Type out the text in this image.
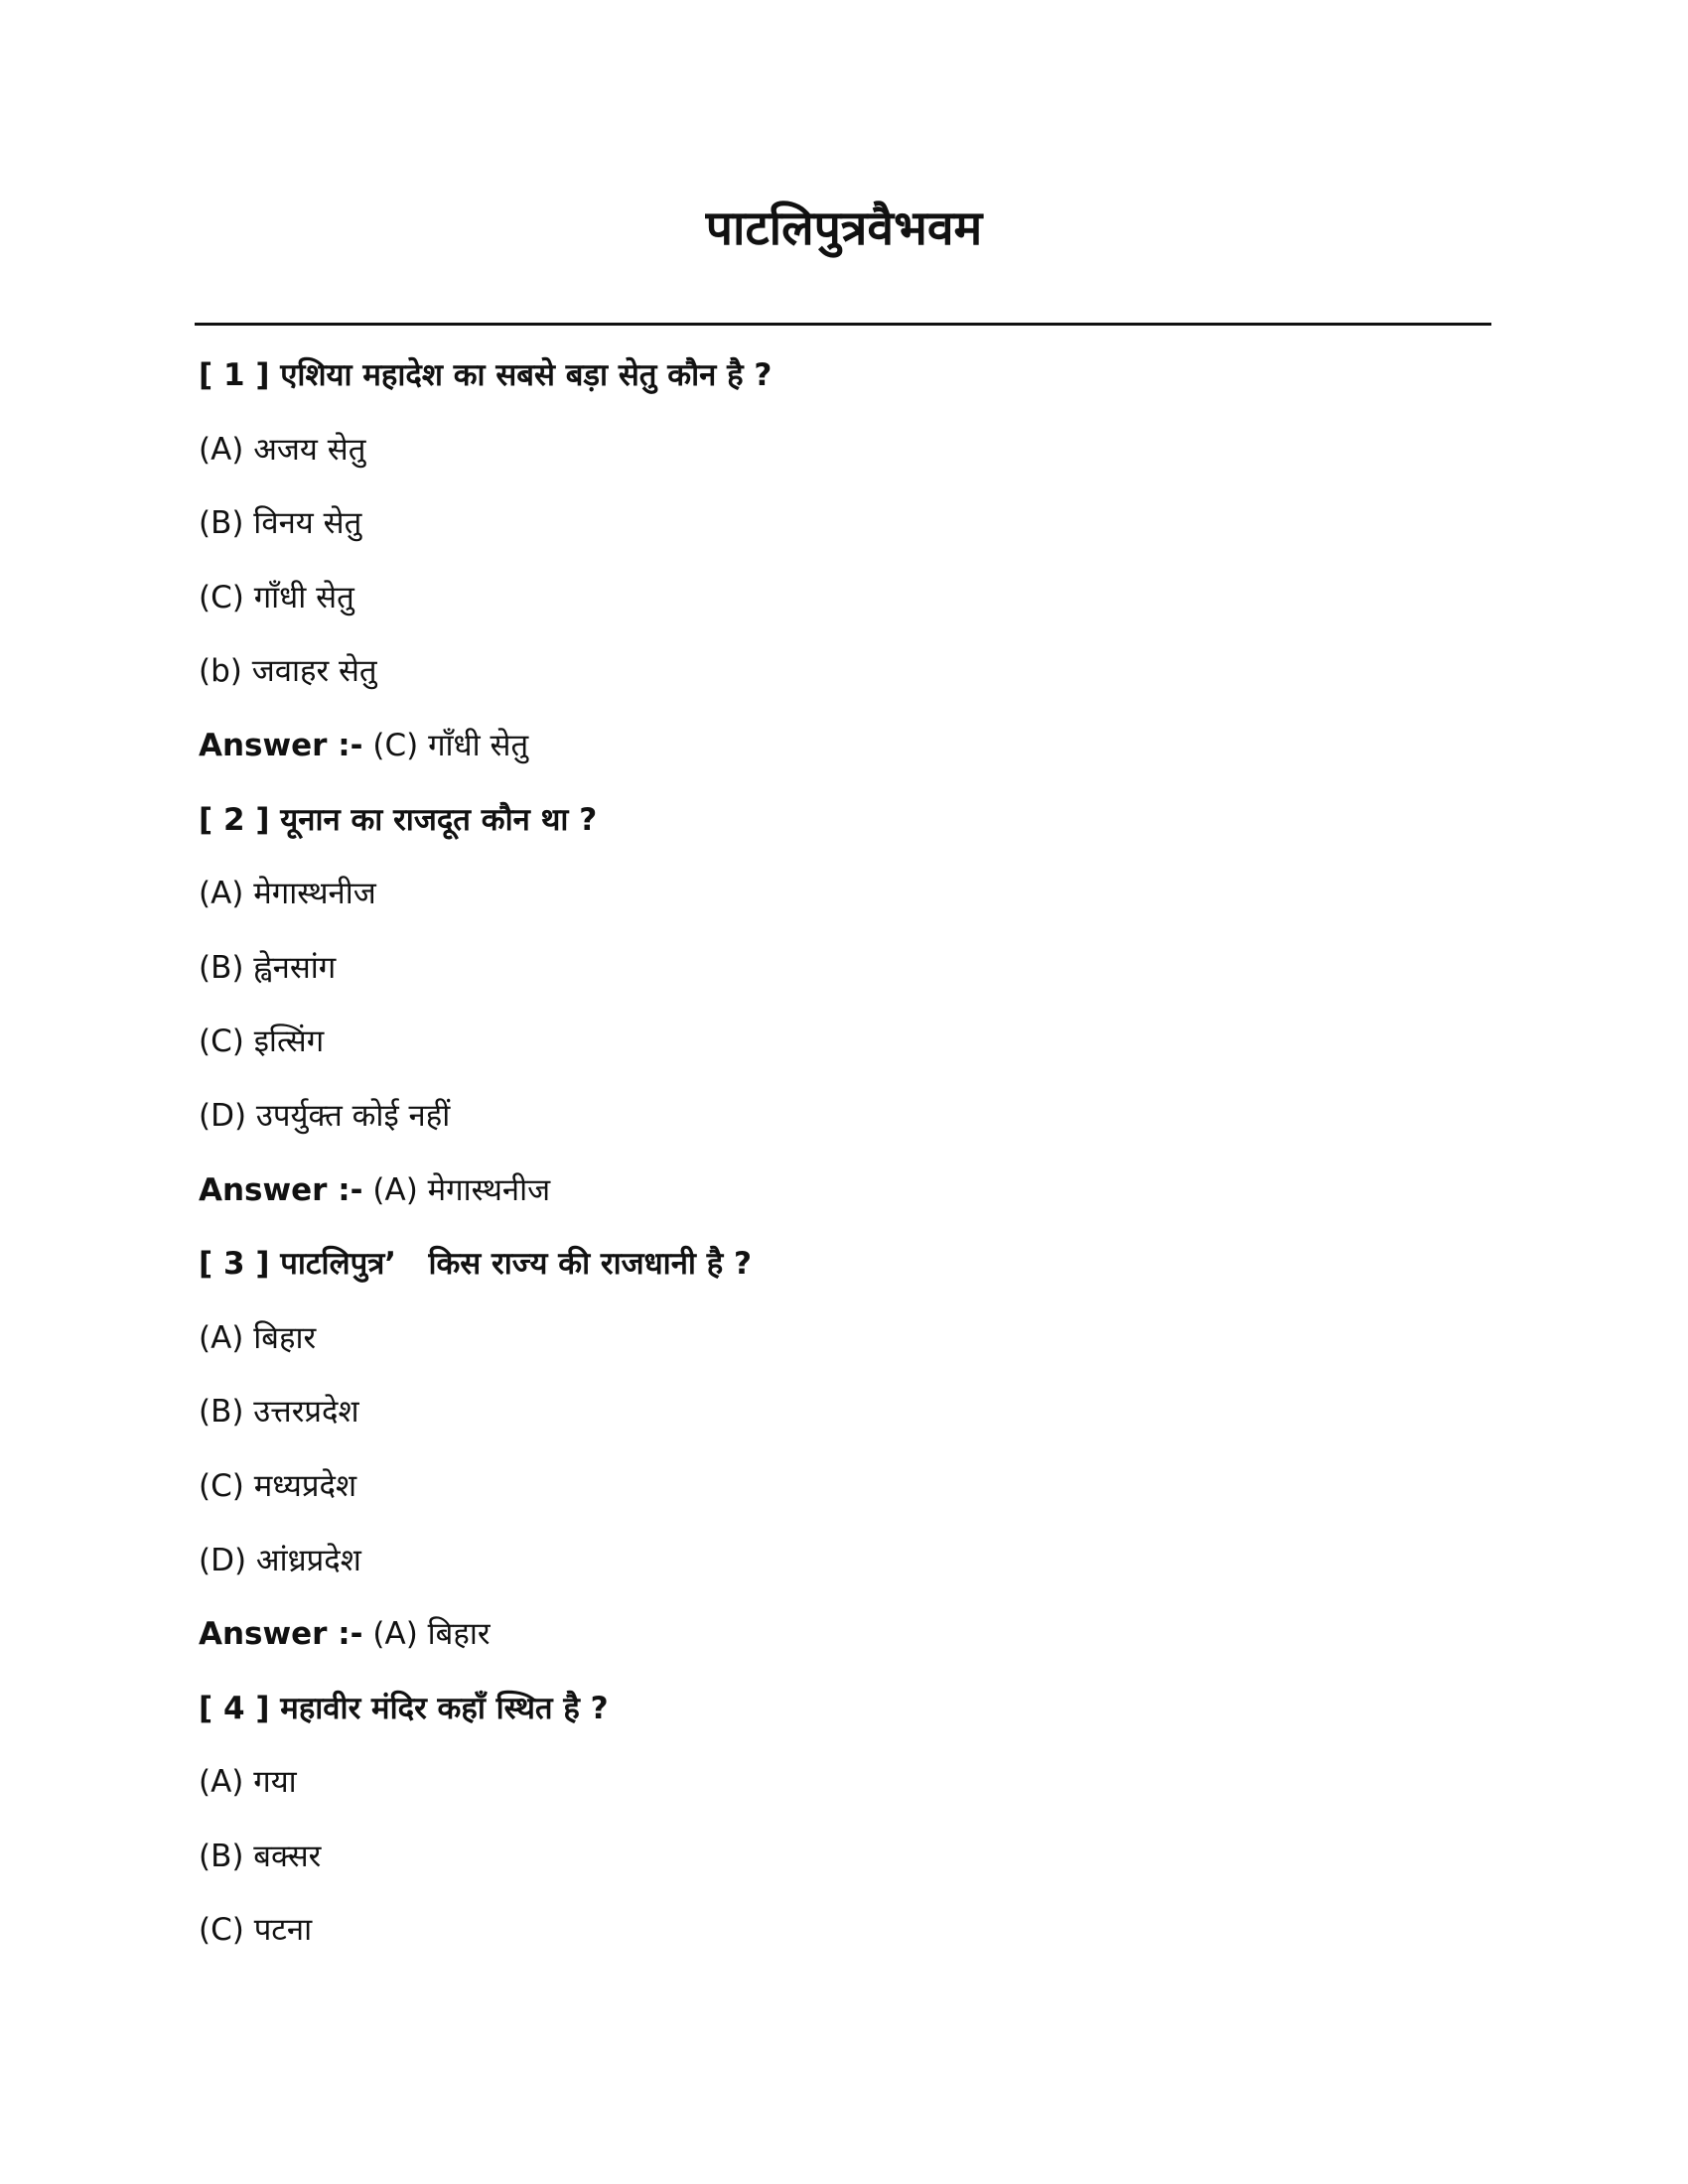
पाटलिपुत्रवैभवम
[ 1 ] एशिया महादेश का सबसे बड़ा सेतु कौन है ?
(A) अजय सेतु
(B) विनय सेतु
(C) गाँधी सेतु
(b) जवाहर सेतु
Answer :- (C) गाँधी सेतु
[ 2 ] यूनान का राजदूत कौन था ?
(A) मेगास्थनीज
(B) ह्वेनसांग
(C) इत्सिंग
(D) उपर्युक्त कोई नहीं
Answer :- (A) मेगास्थनीज
[ 3 ] पाटलिपुत्र’   किस राज्य की राजधानी है ?
(A) बिहार
(B) उत्तरप्रदेश
(C) मध्यप्रदेश
(D) आंध्रप्रदेश
Answer :- (A) बिहार
[ 4 ] महावीर मंदिर कहाँ स्थित है ?
(A) गया
(B) बक्सर
(C) पटना
